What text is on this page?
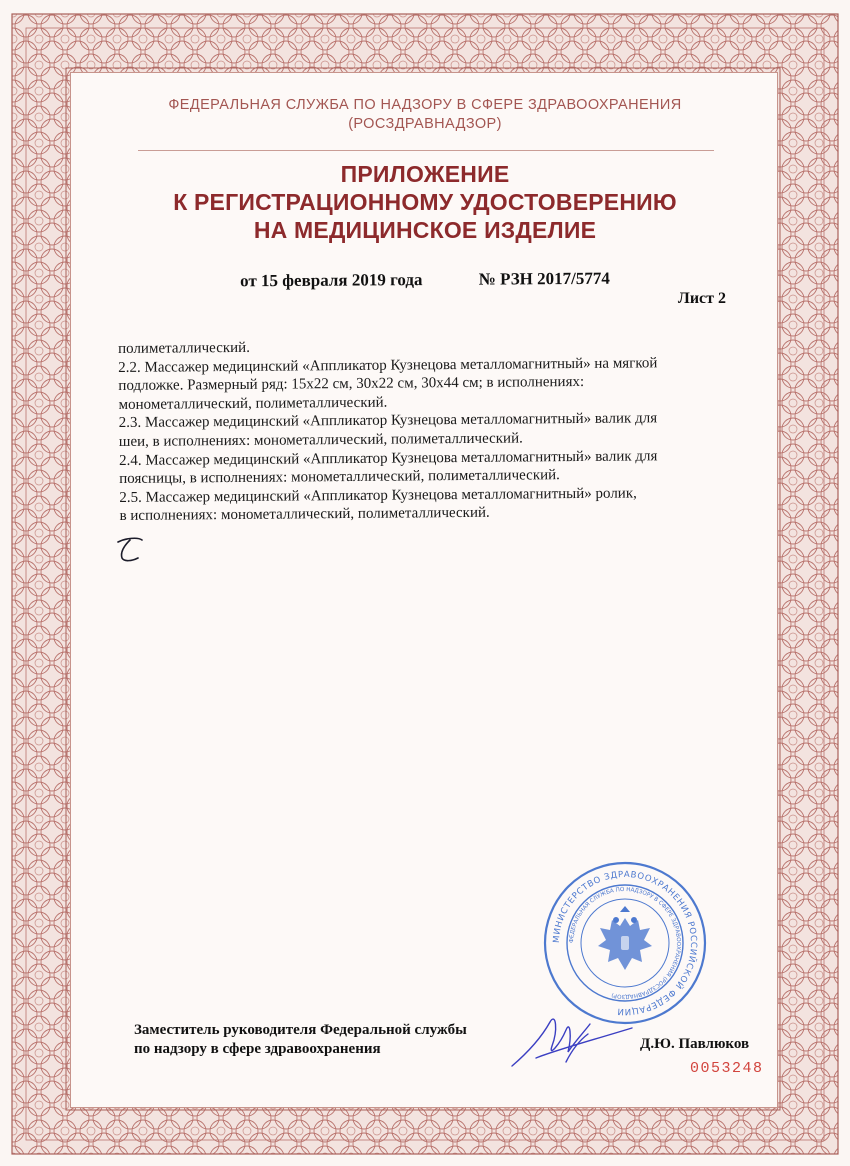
ФЕДЕРАЛЬНАЯ СЛУЖБА ПО НАДЗОРУ В СФЕРЕ ЗДРАВООХРАНЕНИЯ
(РОСЗДРАВНАДЗОР)
ПРИЛОЖЕНИЕ
К РЕГИСТРАЦИОННОМУ УДОСТОВЕРЕНИЮ
НА МЕДИЦИНСКОЕ ИЗДЕЛИЕ
от 15 февраля 2019 года	№ РЗН 2017/5774
Лист 2
полиметаллический.
2.2. Массажер медицинский «Аппликатор Кузнецова металломагнитный» на мягкой
подложке. Размерный ряд: 15х22 см, 30х22 см, 30х44 см; в исполнениях:
монометаллический, полиметаллический.
2.3. Массажер медицинский «Аппликатор Кузнецова металломагнитный» валик для
шеи, в исполнениях: монометаллический, полиметаллический.
2.4. Массажер медицинский «Аппликатор Кузнецова металломагнитный» валик для
поясницы, в исполнениях: монометаллический, полиметаллический.
2.5. Массажер медицинский «Аппликатор Кузнецова металломагнитный» ролик,
в исполнениях: монометаллический, полиметаллический.
МИНИСТЕРСТВО ЗДРАВООХРАНЕНИЯ РОССИЙСКОЙ ФЕДЕРАЦИИ
ФЕДЕРАЛЬНАЯ СЛУЖБА ПО НАДЗОРУ В СФЕРЕ ЗДРАВООХРАНЕНИЯ (РОСЗДРАВНАДЗОР)
Заместитель руководителя Федеральной службы
по надзору в сфере здравоохранения	Д.Ю. Павлюков
0053248
